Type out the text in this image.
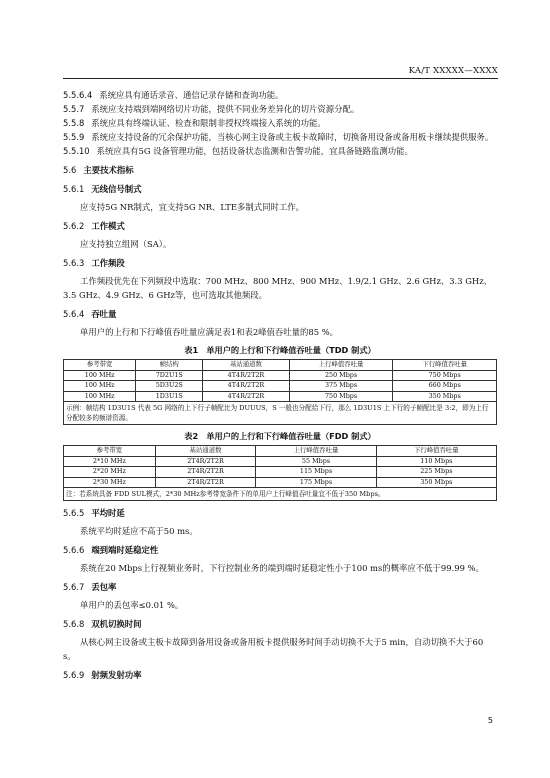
KA/T XXXXX—XXXX
5.5.6.4 系统应具有通话录音、通信记录存储和查询功能。
5.5.7 系统应支持端到端网络切片功能，提供不同业务差异化的切片资源分配。
5.5.8 系统应具有终端认证、检查和限制非授权终端接入系统的功能。
5.5.9 系统应支持设备的冗余保护功能，当核心网主设备或主板卡故障时，切换备用设备或备用板卡继续提供服务。
5.5.10 系统应具有5G 设备管理功能，包括设备状态监测和告警功能，宜具备链路监测功能。
5.6 主要技术指标
5.6.1 无线信号制式
应支持5G NR制式，宜支持5G NR、LTE多制式同时工作。
5.6.2 工作模式
应支持独立组网（SA）。
5.6.3 工作频段
工作频段优先在下列频段中选取：700 MHz、800 MHz、900 MHz、1.9/2.1 GHz、2.6 GHz、3.3 GHz、3.5 GHz、4.9 GHz、6 GHz等，也可选取其他频段。
5.6.4 吞吐量
单用户的上行和下行峰值吞吐量应满足表1和表2峰值吞吐量的85 %。
表1　单用户的上行和下行峰值吞吐量（TDD 制式）
参考带宽	帧结构	基站通道数	上行峰值吞吐量	下行峰值吞吐量
100 MHz	7D2U1S	4T4R/2T2R	250 Mbps	750 Mbps
100 MHz	5D3U2S	4T4R/2T2R	375 Mbps	660 Mbps
100 MHz	1D3U1S	4T4R/2T2R	750 Mbps	350 Mbps
示例：帧结构 1D3U1S 代表 5G 网络的上下行子帧配比为 DUUUS，S 一般也分配给下行，那么 1D3U1S 上下行的子帧配比是 3:2，即为上行分配较多的频谱资源。
表2　单用户的上行和下行峰值吞吐量（FDD 制式）
参考带宽	基站通道数	上行峰值吞吐量	下行峰值吞吐量
2*10 MHz	2T4R/2T2R	55 Mbps	110 Mbps
2*20 MHz	2T4R/2T2R	115 Mbps	225 Mbps
2*30 MHz	2T4R/2T2R	175 Mbps	350 Mbps
注：若系统具备 FDD SUL模式，2*30 MHz参考带宽条件下的单用户上行峰值吞吐量宜不低于350 Mbps。
5.6.5 平均时延
系统平均时延应不高于50 ms。
5.6.6 端到端时延稳定性
系统在20 Mbps上行视频业务时，下行控制业务的端到端时延稳定性小于100 ms的概率应不低于99.99 %。
5.6.7 丢包率
单用户的丢包率≤0.01 %。
5.6.8 双机切换时间
从核心网主设备或主板卡故障到备用设备或备用板卡提供服务时间手动切换不大于5 min，自动切换不大于60 s。
5.6.9 射频发射功率
5
